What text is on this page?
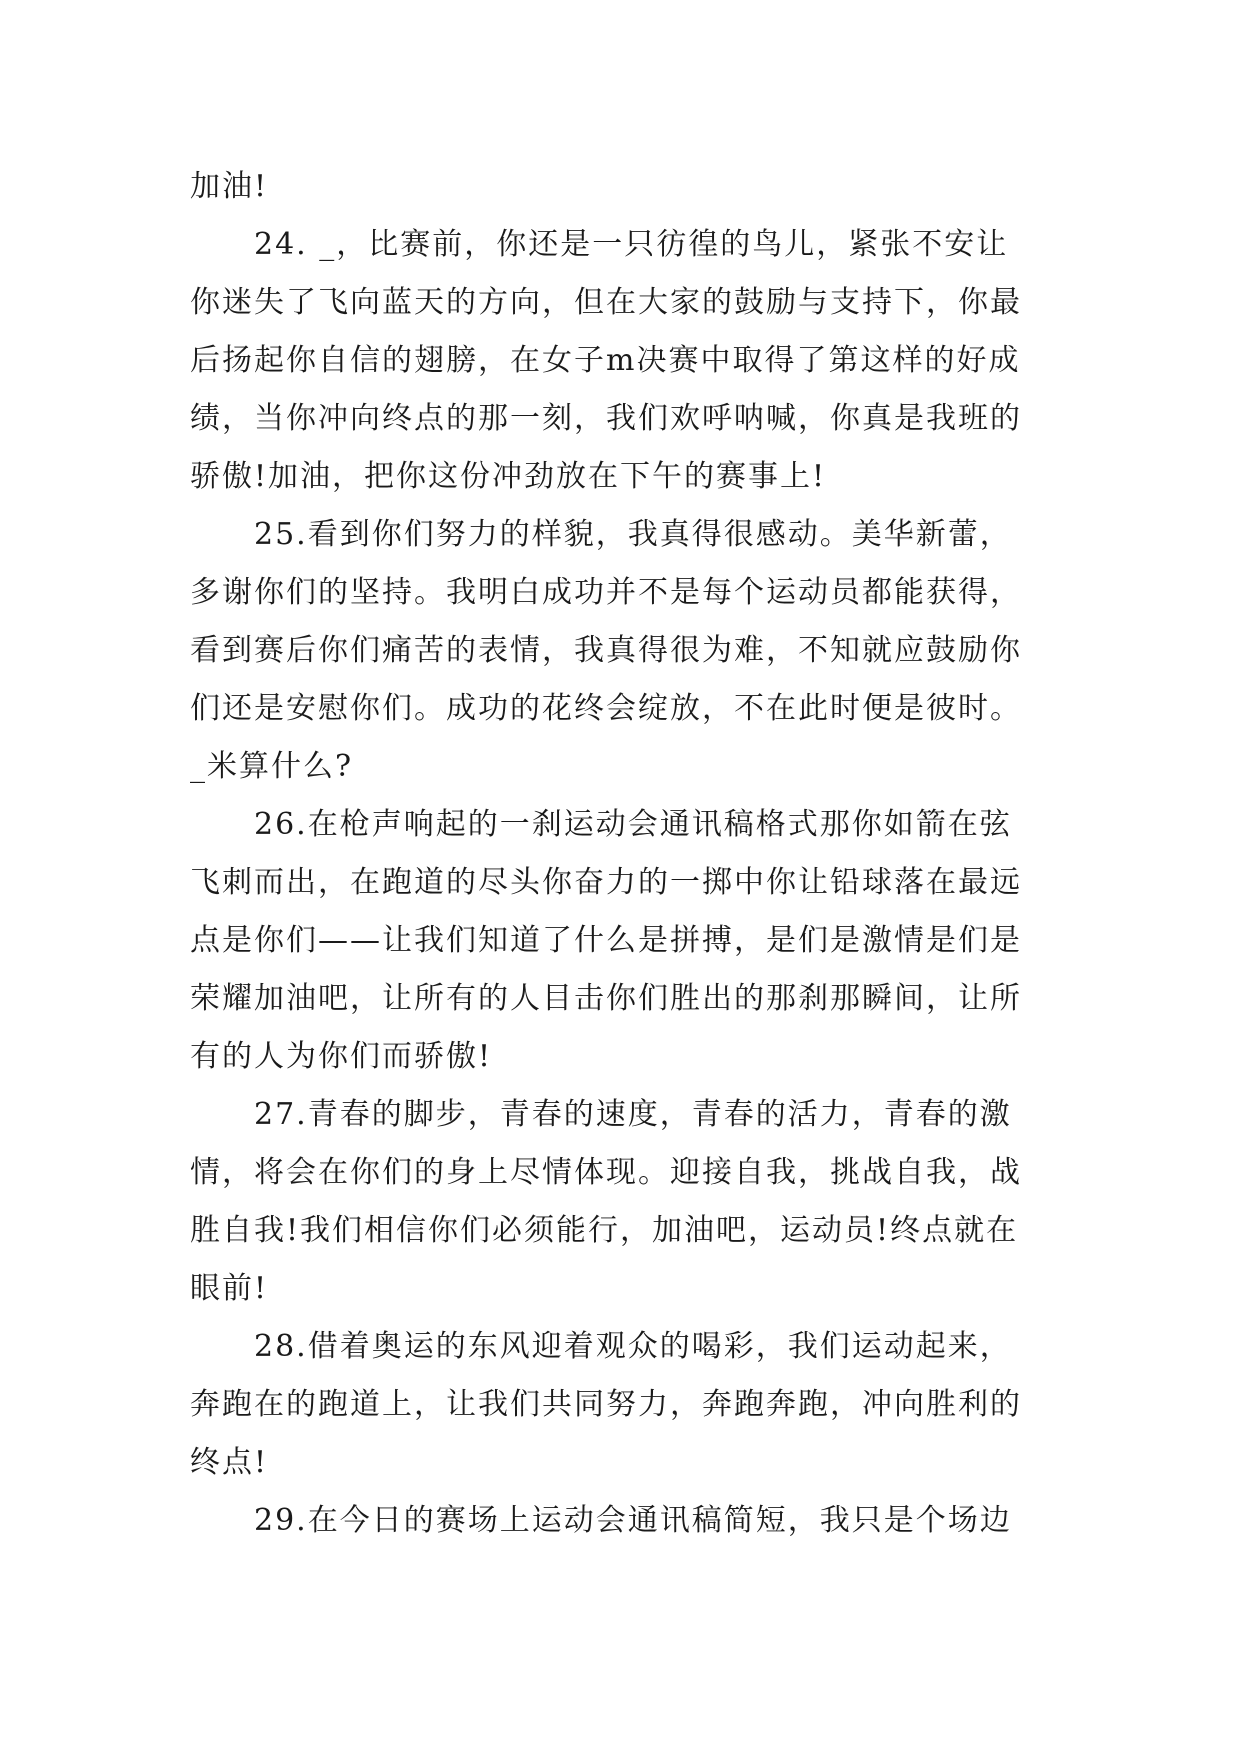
加油!
24. _，比赛前，你还是一只彷徨的鸟儿，紧张不安让
你迷失了飞向蓝天的方向，但在大家的鼓励与支持下，你最
后扬起你自信的翅膀，在女子m决赛中取得了第这样的好成
绩，当你冲向终点的那一刻，我们欢呼呐喊，你真是我班的
骄傲!加油，把你这份冲劲放在下午的赛事上!
25.看到你们努力的样貌，我真得很感动。美华新蕾，
多谢你们的坚持。我明白成功并不是每个运动员都能获得，
看到赛后你们痛苦的表情，我真得很为难，不知就应鼓励你
们还是安慰你们。成功的花终会绽放，不在此时便是彼时。
_米算什么?
26.在枪声响起的一刹运动会通讯稿格式那你如箭在弦
飞刺而出，在跑道的尽头你奋力的一掷中你让铅球落在最远
点是你们——让我们知道了什么是拼搏，是们是激情是们是
荣耀加油吧，让所有的人目击你们胜出的那刹那瞬间，让所
有的人为你们而骄傲!
27.青春的脚步，青春的速度，青春的活力，青春的激
情，将会在你们的身上尽情体现。迎接自我，挑战自我，战
胜自我!我们相信你们必须能行，加油吧，运动员!终点就在
眼前!
28.借着奥运的东风迎着观众的喝彩，我们运动起来，
奔跑在的跑道上，让我们共同努力，奔跑奔跑，冲向胜利的
终点!
29.在今日的赛场上运动会通讯稿简短，我只是个场边
